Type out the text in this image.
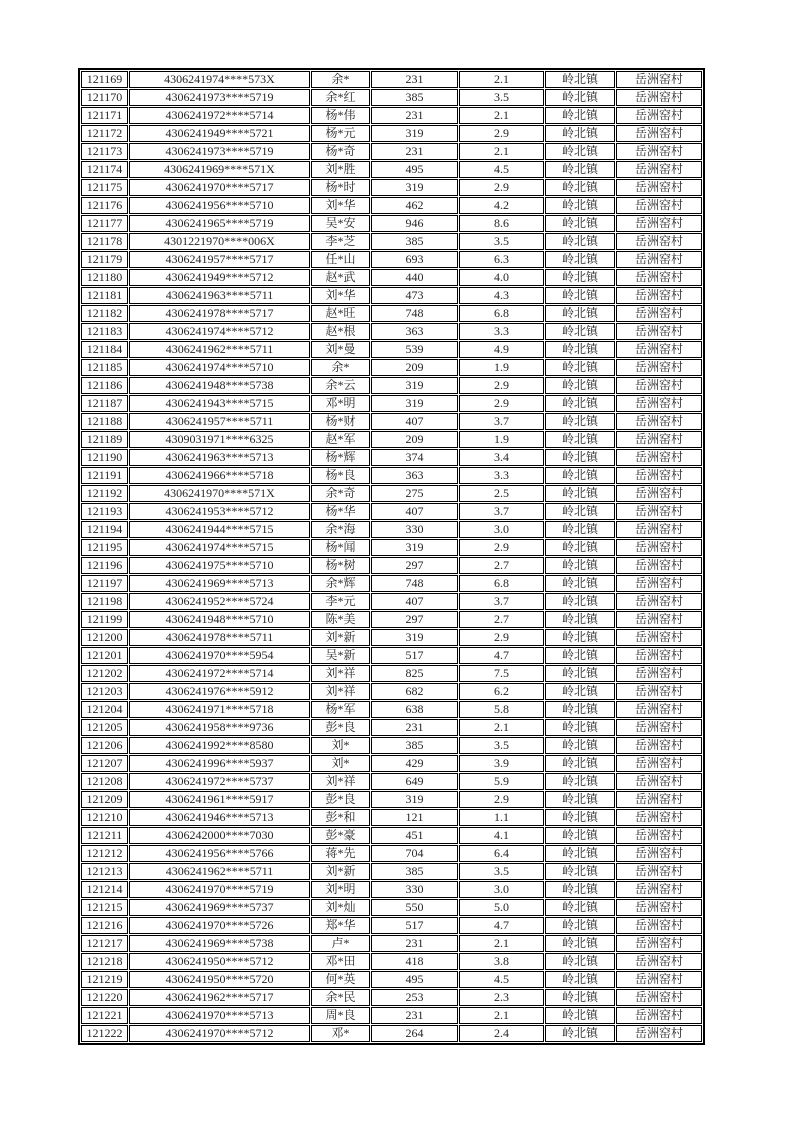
121169	4306241974****573X	余*	231	2.1	岭北镇	岳洲窑村
121170	4306241973****5719	余*红	385	3.5	岭北镇	岳洲窑村
121171	4306241972****5714	杨*伟	231	2.1	岭北镇	岳洲窑村
121172	4306241949****5721	杨*元	319	2.9	岭北镇	岳洲窑村
121173	4306241973****5719	杨*奇	231	2.1	岭北镇	岳洲窑村
121174	4306241969****571X	刘*胜	495	4.5	岭北镇	岳洲窑村
121175	4306241970****5717	杨*时	319	2.9	岭北镇	岳洲窑村
121176	4306241956****5710	刘*华	462	4.2	岭北镇	岳洲窑村
121177	4306241965****5719	吴*安	946	8.6	岭北镇	岳洲窑村
121178	4301221970****006X	李*芝	385	3.5	岭北镇	岳洲窑村
121179	4306241957****5717	任*山	693	6.3	岭北镇	岳洲窑村
121180	4306241949****5712	赵*武	440	4.0	岭北镇	岳洲窑村
121181	4306241963****5711	刘*华	473	4.3	岭北镇	岳洲窑村
121182	4306241978****5717	赵*旺	748	6.8	岭北镇	岳洲窑村
121183	4306241974****5712	赵*根	363	3.3	岭北镇	岳洲窑村
121184	4306241962****5711	刘*曼	539	4.9	岭北镇	岳洲窑村
121185	4306241974****5710	余*	209	1.9	岭北镇	岳洲窑村
121186	4306241948****5738	余*云	319	2.9	岭北镇	岳洲窑村
121187	4306241943****5715	邓*明	319	2.9	岭北镇	岳洲窑村
121188	4306241957****5711	杨*财	407	3.7	岭北镇	岳洲窑村
121189	4309031971****6325	赵*军	209	1.9	岭北镇	岳洲窑村
121190	4306241963****5713	杨*辉	374	3.4	岭北镇	岳洲窑村
121191	4306241966****5718	杨*良	363	3.3	岭北镇	岳洲窑村
121192	4306241970****571X	余*奇	275	2.5	岭北镇	岳洲窑村
121193	4306241953****5712	杨*华	407	3.7	岭北镇	岳洲窑村
121194	4306241944****5715	余*海	330	3.0	岭北镇	岳洲窑村
121195	4306241974****5715	杨*闻	319	2.9	岭北镇	岳洲窑村
121196	4306241975****5710	杨*树	297	2.7	岭北镇	岳洲窑村
121197	4306241969****5713	余*辉	748	6.8	岭北镇	岳洲窑村
121198	4306241952****5724	李*元	407	3.7	岭北镇	岳洲窑村
121199	4306241948****5710	陈*美	297	2.7	岭北镇	岳洲窑村
121200	4306241978****5711	刘*新	319	2.9	岭北镇	岳洲窑村
121201	4306241970****5954	吴*新	517	4.7	岭北镇	岳洲窑村
121202	4306241972****5714	刘*祥	825	7.5	岭北镇	岳洲窑村
121203	4306241976****5912	刘*祥	682	6.2	岭北镇	岳洲窑村
121204	4306241971****5718	杨*军	638	5.8	岭北镇	岳洲窑村
121205	4306241958****9736	彭*良	231	2.1	岭北镇	岳洲窑村
121206	4306241992****8580	刘*	385	3.5	岭北镇	岳洲窑村
121207	4306241996****5937	刘*	429	3.9	岭北镇	岳洲窑村
121208	4306241972****5737	刘*祥	649	5.9	岭北镇	岳洲窑村
121209	4306241961****5917	彭*良	319	2.9	岭北镇	岳洲窑村
121210	4306241946****5713	彭*和	121	1.1	岭北镇	岳洲窑村
121211	4306242000****7030	彭*豪	451	4.1	岭北镇	岳洲窑村
121212	4306241956****5766	蒋*先	704	6.4	岭北镇	岳洲窑村
121213	4306241962****5711	刘*新	385	3.5	岭北镇	岳洲窑村
121214	4306241970****5719	刘*明	330	3.0	岭北镇	岳洲窑村
121215	4306241969****5737	刘*灿	550	5.0	岭北镇	岳洲窑村
121216	4306241970****5726	郑*华	517	4.7	岭北镇	岳洲窑村
121217	4306241969****5738	卢*	231	2.1	岭北镇	岳洲窑村
121218	4306241950****5712	邓*田	418	3.8	岭北镇	岳洲窑村
121219	4306241950****5720	何*英	495	4.5	岭北镇	岳洲窑村
121220	4306241962****5717	余*民	253	2.3	岭北镇	岳洲窑村
121221	4306241970****5713	周*良	231	2.1	岭北镇	岳洲窑村
121222	4306241970****5712	邓*	264	2.4	岭北镇	岳洲窑村
